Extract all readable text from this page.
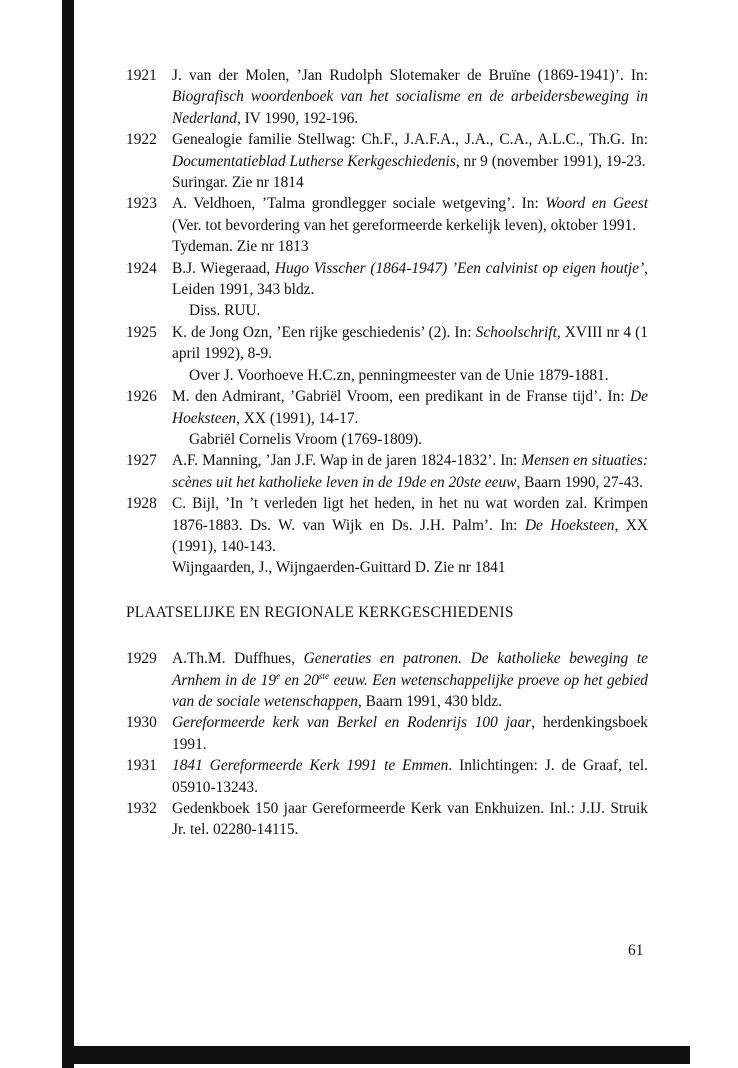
1921 J. van der Molen, ’Jan Rudolph Slotemaker de Bruïne (1869-1941)’. In: Biografisch woordenboek van het socialisme en de arbeidersbeweging in Nederland, IV 1990, 192-196.
1922 Genealogie familie Stellwag: Ch.F., J.A.F.A., J.A., C.A., A.L.C., Th.G. In: Documentatieblad Lutherse Kerkgeschiedenis, nr 9 (november 1991), 19-23.
Suringar. Zie nr 1814
1923 A. Veldhoen, ’Talma grondlegger sociale wetgeving’. In: Woord en Geest (Ver. tot bevordering van het gereformeerde kerkelijk leven), oktober 1991.
Tydeman. Zie nr 1813
1924 B.J. Wiegeraad, Hugo Visscher (1864-1947) ’Een calvinist op eigen houtje’, Leiden 1991, 343 bldz.
Diss. RUU.
1925 K. de Jong Ozn, ’Een rijke geschiedenis’ (2). In: Schoolschrift, XVIII nr 4 (1 april 1992), 8-9.
Over J. Voorhoeve H.C.zn, penningmeester van de Unie 1879-1881.
1926 M. den Admirant, ’Gabriël Vroom, een predikant in de Franse tijd’. In: De Hoeksteen, XX (1991), 14-17.
Gabriël Cornelis Vroom (1769-1809).
1927 A.F. Manning, ’Jan J.F. Wap in de jaren 1824-1832’. In: Mensen en situaties: scènes uit het katholieke leven in de 19de en 20ste eeuw, Baarn 1990, 27-43.
1928 C. Bijl, ’In ’t verleden ligt het heden, in het nu wat worden zal. Krimpen 1876-1883. Ds. W. van Wijk en Ds. J.H. Palm’. In: De Hoeksteen, XX (1991), 140-143.
Wijngaarden, J., Wijngaerden-Guittard D. Zie nr 1841
PLAATSELIJKE EN REGIONALE KERKGESCHIEDENIS
1929 A.Th.M. Duffhues, Generaties en patronen. De katholieke beweging te Arnhem in de 19e en 20ste eeuw. Een wetenschappelijke proeve op het gebied van de sociale wetenschappen, Baarn 1991, 430 bldz.
1930 Gereformeerde kerk van Berkel en Rodenrijs 100 jaar, herdenkingsboek 1991.
1931 1841 Gereformeerde Kerk 1991 te Emmen. Inlichtingen: J. de Graaf, tel. 05910-13243.
1932 Gedenkboek 150 jaar Gereformeerde Kerk van Enkhuizen. Inl.: J.IJ. Struik Jr. tel. 02280-14115.
61
